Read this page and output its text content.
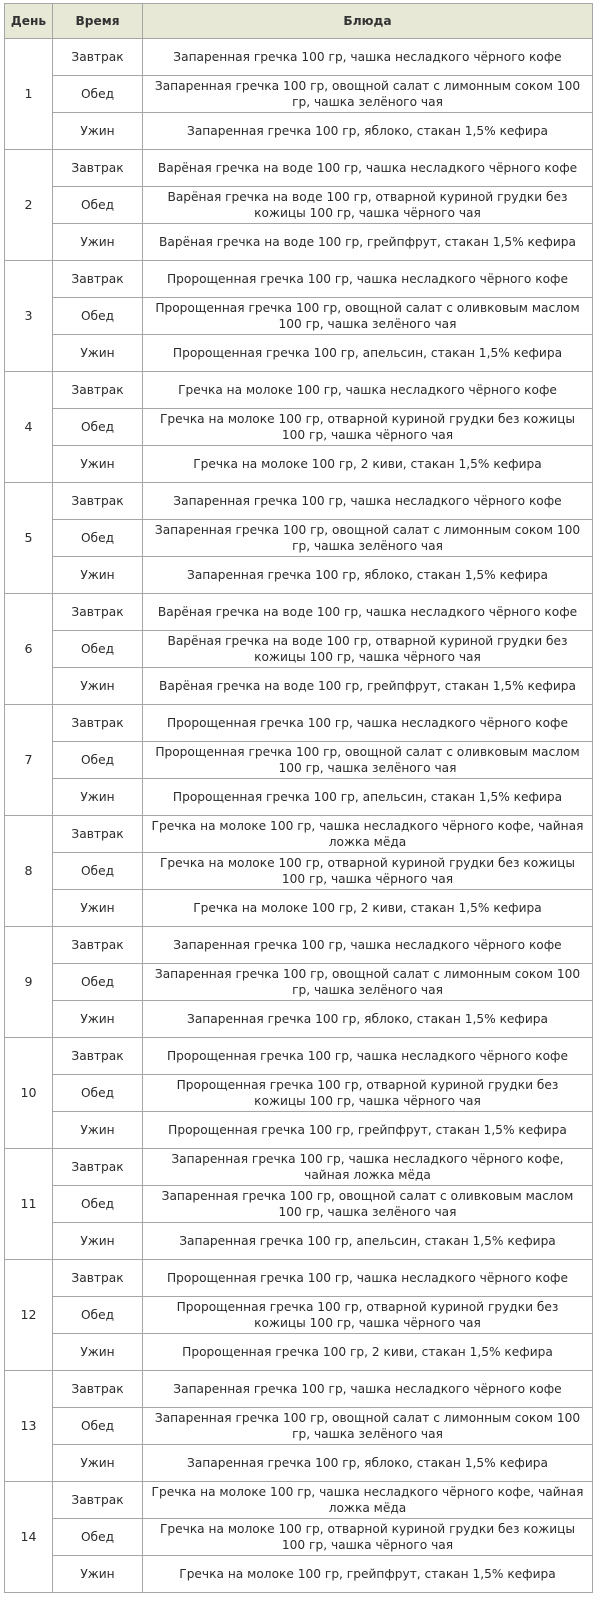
День	Время	Блюда
1	Завтрак	Запаренная гречка 100 гр, чашка несладкого чёрного кофе
	Обед	Запаренная гречка 100 гр, овощной салат с лимонным соком 100 гр, чашка зелёного чая
	Ужин	Запаренная гречка 100 гр, яблоко, стакан 1,5% кефира
2	Завтрак	Варёная гречка на воде 100 гр, чашка несладкого чёрного кофе
	Обед	Варёная гречка на воде 100 гр, отварной куриной грудки без кожицы 100 гр, чашка чёрного чая
	Ужин	Варёная гречка на воде 100 гр, грейпфрут, стакан 1,5% кефира
3	Завтрак	Пророщенная гречка 100 гр, чашка несладкого чёрного кофе
	Обед	Пророщенная гречка 100 гр, овощной салат с оливковым маслом 100 гр, чашка зелёного чая
	Ужин	Пророщенная гречка 100 гр, апельсин, стакан 1,5% кефира
4	Завтрак	Гречка на молоке 100 гр, чашка несладкого чёрного кофе
	Обед	Гречка на молоке 100 гр, отварной куриной грудки без кожицы 100 гр, чашка чёрного чая
	Ужин	Гречка на молоке 100 гр, 2 киви, стакан 1,5% кефира
5	Завтрак	Запаренная гречка 100 гр, чашка несладкого чёрного кофе
	Обед	Запаренная гречка 100 гр, овощной салат с лимонным соком 100 гр, чашка зелёного чая
	Ужин	Запаренная гречка 100 гр, яблоко, стакан 1,5% кефира
6	Завтрак	Варёная гречка на воде 100 гр, чашка несладкого чёрного кофе
	Обед	Варёная гречка на воде 100 гр, отварной куриной грудки без кожицы 100 гр, чашка чёрного чая
	Ужин	Варёная гречка на воде 100 гр, грейпфрут, стакан 1,5% кефира
7	Завтрак	Пророщенная гречка 100 гр, чашка несладкого чёрного кофе
	Обед	Пророщенная гречка 100 гр, овощной салат с оливковым маслом 100 гр, чашка зелёного чая
	Ужин	Пророщенная гречка 100 гр, апельсин, стакан 1,5% кефира
8	Завтрак	Гречка на молоке 100 гр, чашка несладкого чёрного кофе, чайная ложка мёда
	Обед	Гречка на молоке 100 гр, отварной куриной грудки без кожицы 100 гр, чашка чёрного чая
	Ужин	Гречка на молоке 100 гр, 2 киви, стакан 1,5% кефира
9	Завтрак	Запаренная гречка 100 гр, чашка несладкого чёрного кофе
	Обед	Запаренная гречка 100 гр, овощной салат с лимонным соком 100 гр, чашка зелёного чая
	Ужин	Запаренная гречка 100 гр, яблоко, стакан 1,5% кефира
10	Завтрак	Пророщенная гречка 100 гр, чашка несладкого чёрного кофе
	Обед	Пророщенная гречка 100 гр, отварной куриной грудки без кожицы 100 гр, чашка чёрного чая
	Ужин	Пророщенная гречка 100 гр, грейпфрут, стакан 1,5% кефира
11	Завтрак	Запаренная гречка 100 гр, чашка несладкого чёрного кофе, чайная ложка мёда
	Обед	Запаренная гречка 100 гр, овощной салат с оливковым маслом 100 гр, чашка зелёного чая
	Ужин	Запаренная гречка 100 гр, апельсин, стакан 1,5% кефира
12	Завтрак	Пророщенная гречка 100 гр, чашка несладкого чёрного кофе
	Обед	Пророщенная гречка 100 гр, отварной куриной грудки без кожицы 100 гр, чашка чёрного чая
	Ужин	Пророщенная гречка 100 гр, 2 киви, стакан 1,5% кефира
13	Завтрак	Запаренная гречка 100 гр, чашка несладкого чёрного кофе
	Обед	Запаренная гречка 100 гр, овощной салат с лимонным соком 100 гр, чашка зелёного чая
	Ужин	Запаренная гречка 100 гр, яблоко, стакан 1,5% кефира
14	Завтрак	Гречка на молоке 100 гр, чашка несладкого чёрного кофе, чайная ложка мёда
	Обед	Гречка на молоке 100 гр, отварной куриной грудки без кожицы 100 гр, чашка чёрного чая
	Ужин	Гречка на молоке 100 гр, грейпфрут, стакан 1,5% кефира
